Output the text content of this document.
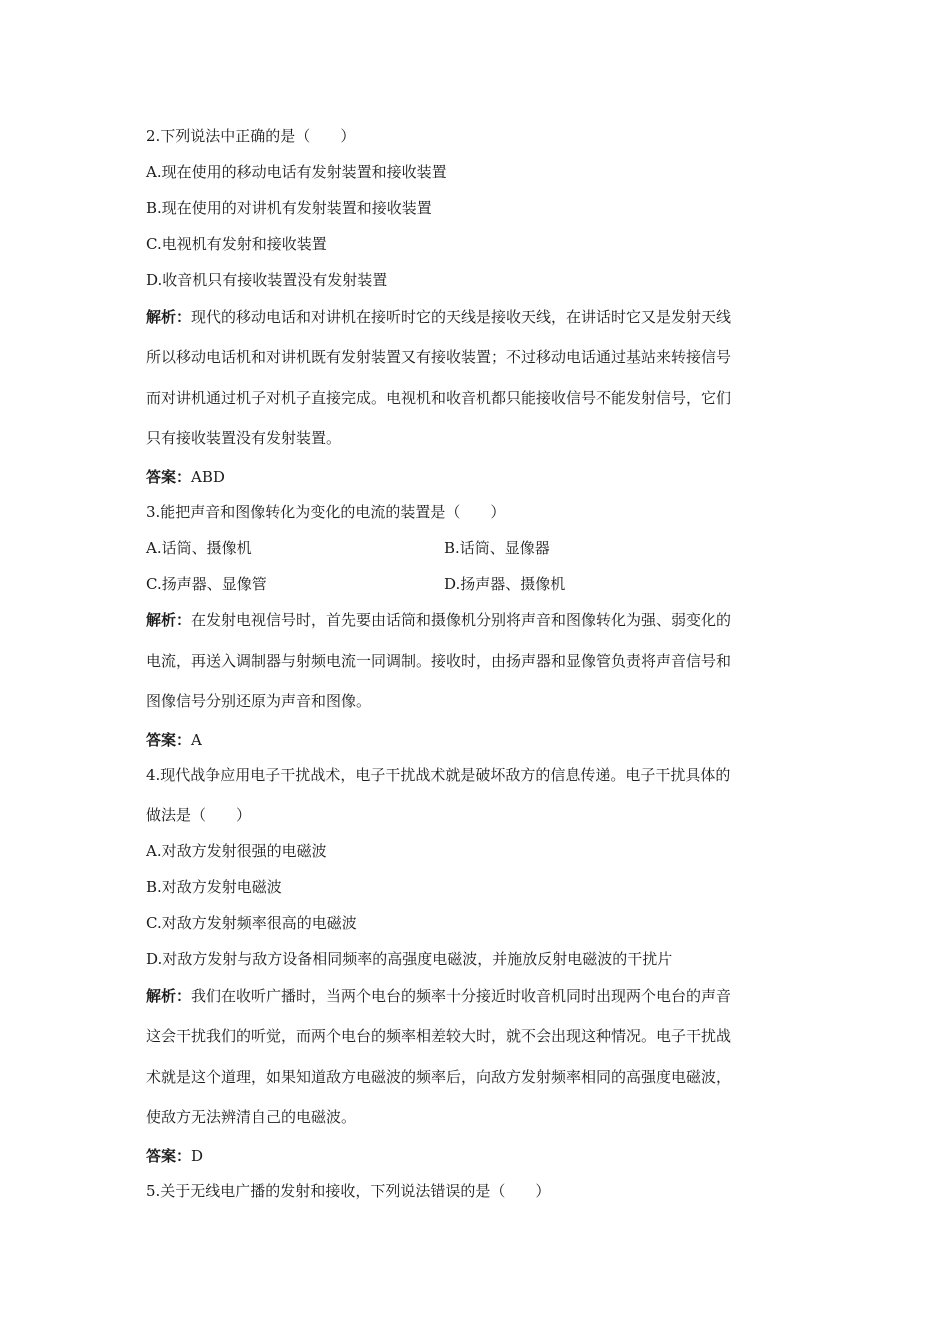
2.下列说法中正确的是（　　）
A.现在使用的移动电话有发射装置和接收装置
B.现在使用的对讲机有发射装置和接收装置
C.电视机有发射和接收装置
D.收音机只有接收装置没有发射装置
解析：现代的移动电话和对讲机在接听时它的天线是接收天线，在讲话时它又是发射天线
所以移动电话机和对讲机既有发射装置又有接收装置；不过移动电话通过基站来转接信号
而对讲机通过机子对机子直接完成。电视机和收音机都只能接收信号不能发射信号，它们
只有接收装置没有发射装置。
答案：ABD
3.能把声音和图像转化为变化的电流的装置是（　　）
A.话筒、摄像机	B.话筒、显像器
C.扬声器、显像管	D.扬声器、摄像机
解析：在发射电视信号时，首先要由话筒和摄像机分别将声音和图像转化为强、弱变化的
电流，再送入调制器与射频电流一同调制。接收时，由扬声器和显像管负责将声音信号和
图像信号分别还原为声音和图像。
答案：A
4.现代战争应用电子干扰战术，电子干扰战术就是破坏敌方的信息传递。电子干扰具体的
做法是（　　）
A.对敌方发射很强的电磁波
B.对敌方发射电磁波
C.对敌方发射频率很高的电磁波
D.对敌方发射与敌方设备相同频率的高强度电磁波，并施放反射电磁波的干扰片
解析：我们在收听广播时，当两个电台的频率十分接近时收音机同时出现两个电台的声音
这会干扰我们的听觉，而两个电台的频率相差较大时，就不会出现这种情况。电子干扰战
术就是这个道理，如果知道敌方电磁波的频率后，向敌方发射频率相同的高强度电磁波，
使敌方无法辨清自己的电磁波。
答案：D
5.关于无线电广播的发射和接收，下列说法错误的是（　　）
